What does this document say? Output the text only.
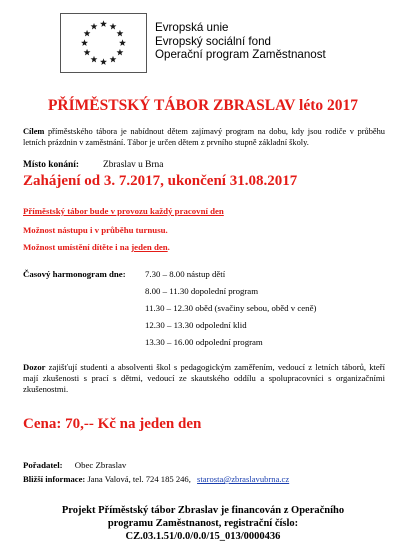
Evropská unie
Evropský sociální fond
Operační program Zaměstnanost
PŘÍMĚSTSKÝ TÁBOR ZBRASLAV léto 2017
Cílem příměstského tábora je nabídnout dětem zajímavý program na dobu, kdy jsou rodiče v průběhu letních prázdnin v zaměstnání. Tábor je určen dětem z prvního stupně základní školy.
Místo konání:	Zbraslav u Brna
Zahájení od 3. 7.2017, ukončení 31.08.2017
Příměstský tábor bude v provozu každý pracovní den
Možnost nástupu i v průběhu turnusu.
Možnost umístění dítěte i na jeden den.
Časový harmonogram dne: 7.30 – 8.00 nástup dětí
8.00 – 11.30 dopolední program
11.30 – 12.30 oběd (svačiny sebou, oběd v ceně)
12.30 – 13.30 odpolední klid
13.30 – 16.00 odpolední program
Dozor zajišťují studenti a absolventi škol s pedagogickým zaměřením, vedoucí z letních táborů, kteří mají zkušenosti s prací s dětmi, vedoucí ze skautského oddílu a spolupracovníci s organizačními zkušenostmi.
Cena: 70,-- Kč na jeden den
Pořadatel: Obec Zbraslav
Bližší informace: Jana Valová, tel. 724 185 246, starosta@zbraslavubrna.cz
Projekt Příměstský tábor Zbraslav je financován z Operačního
programu Zaměstnanost, registrační číslo:
CZ.03.1.51/0.0/0.0/15_013/0000436
